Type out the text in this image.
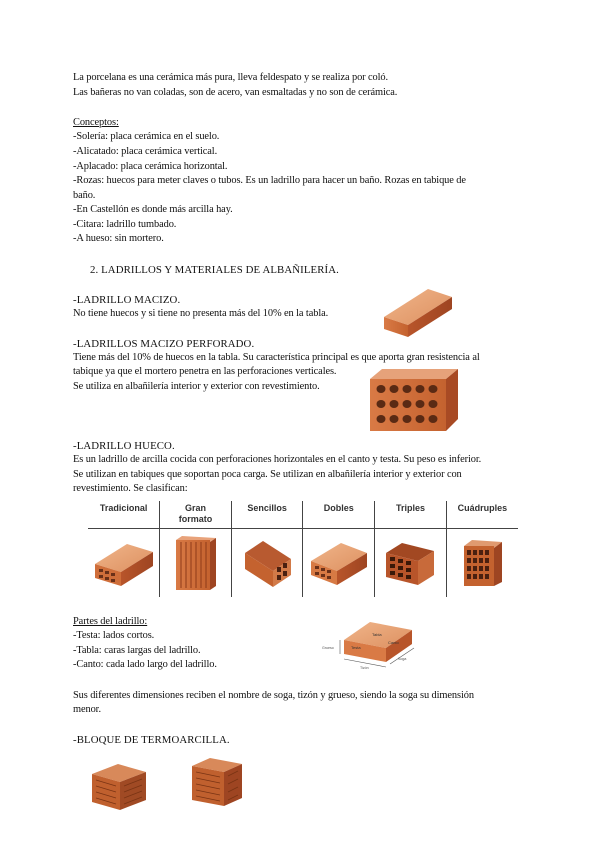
La porcelana es una cerámica más pura, lleva feldespato y se realiza por coló.
Las bañeras no van coladas, son de acero, van esmaltadas y no son de cerámica.
Conceptos:
-Solería: placa cerámica en el suelo.
-Alicatado: placa cerámica vertical.
-Aplacado: placa cerámica horizontal.
-Rozas: huecos para meter claves o tubos. Es un ladrillo para hacer un baño. Rozas en tabique de
baño.
-En Castellón es donde más arcilla hay.
-Citara: ladrillo tumbado.
-A hueso: sin mortero.
2. LADRILLOS Y MATERIALES DE ALBAÑILERÍA.
-LADRILLO MACIZO.
No tiene huecos y si tiene no presenta más del 10% en la tabla.
-LADRILLOS MACIZO PERFORADO.
Tiene más del 10% de huecos en la tabla. Su característica principal es que aporta gran resistencia al
tabique ya que el mortero penetra en las perforaciones verticales.
Se utiliza en albañilería interior y exterior con revestimiento.
-LADRILLO HUECO.
Es un ladrillo de arcilla cocida con perforaciones horizontales en el canto y testa. Su peso es inferior.
Se utilizan en tabiques que soportan poca carga. Se utilizan en albañilería interior y exterior con
revestimiento. Se clasifican:
Tradicional	Gran formato	Sencillos	Dobles	Triples	Cuádruples

Partes del ladrillo:
-Testa: lados cortos.
-Tabla: caras largas del ladrillo.
-Canto: cada lado largo del ladrillo.
Tabla
Canto
Testa
Grueso
Soga
Tizón
Sus diferentes dimensiones reciben el nombre de soga, tizón y grueso, siendo la soga su dimensión
menor.
-BLOQUE DE TERMOARCILLA.
